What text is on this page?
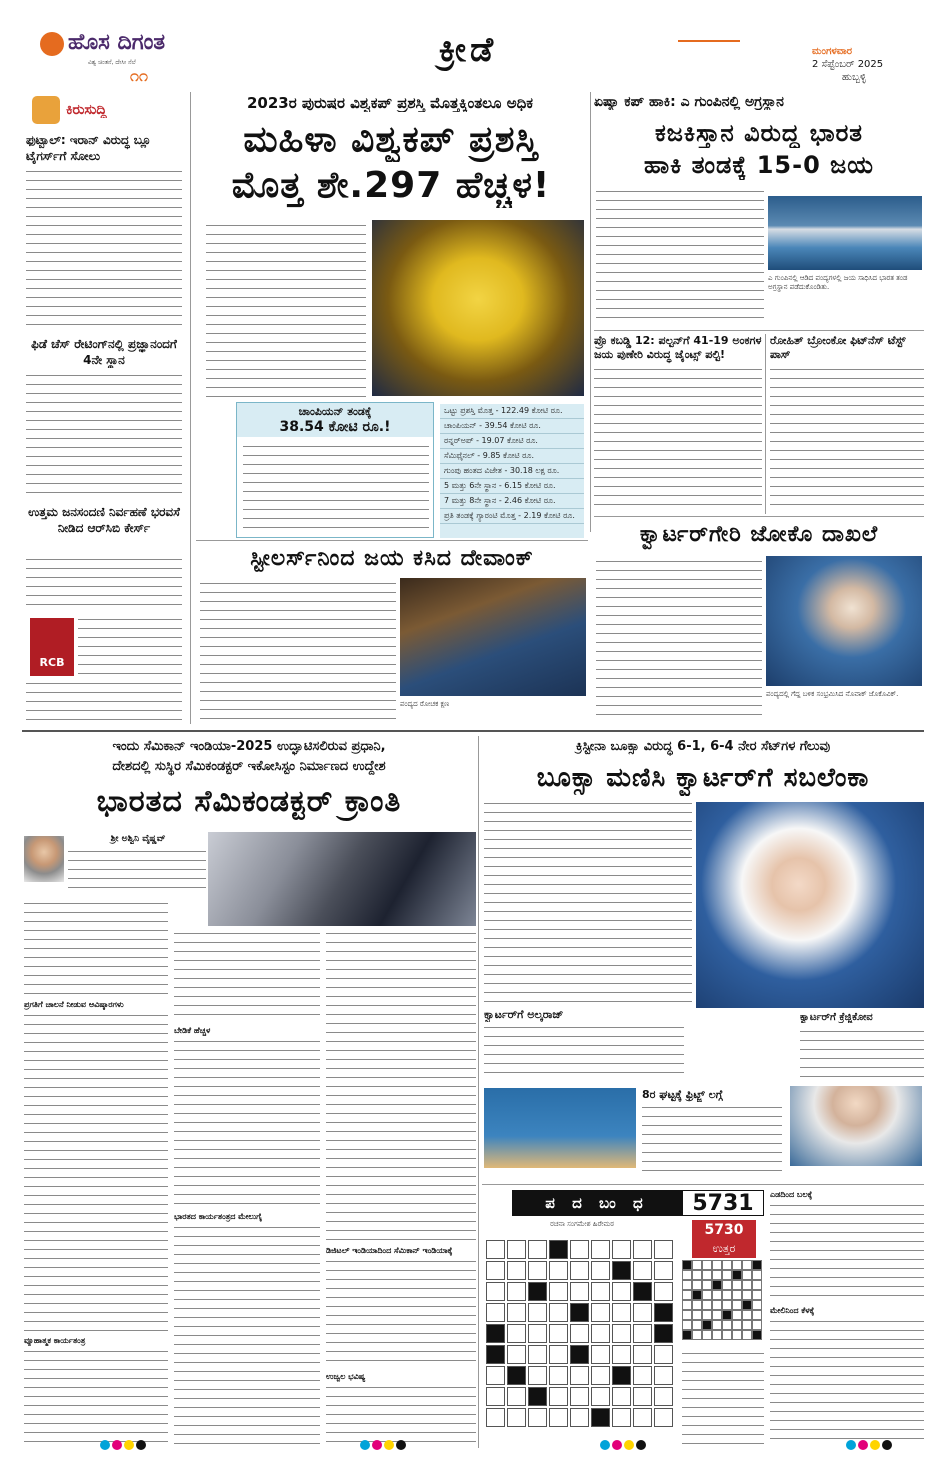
ಹೊಸ ದಿಗಂತ
ವಿಶ್ವ ಚಿಂತನೆ, ದೇಸೀ ನೆಲೆ
೧೧
ಕ್ರೀಡೆ	ಮಂಗಳವಾರ
2 ಸೆಪ್ಟೆಂಬರ್ 2025
ಹುಬ್ಬಳ್ಳಿ
ಕಿರುಸುದ್ದಿ
ಫುಟ್ಬಾಲ್: ಇರಾನ್ ವಿರುದ್ಧ ಬ್ಲೂ ಟೈಗರ್ಸ್‌ಗೆ ಸೋಲು
ಫಿಡೆ ಚೆಸ್ ರೇಟಿಂಗ್‌ನಲ್ಲಿ ಪ್ರಜ್ಞಾನಂದಗೆ 4ನೇ ಸ್ಥಾನ
ಉತ್ತಮ ಜನಸಂದಣಿ ನಿರ್ವಹಣೆ ಭರವಸೆ ನೀಡಿದ ಆರ್‌ಸಿಬಿ ಕೇರ್ಸ್
RCB
2023ರ ಪುರುಷರ ವಿಶ್ವಕಪ್ ಪ್ರಶಸ್ತಿ ಮೊತ್ತಕ್ಕಿಂತಲೂ ಅಧಿಕ
ಮಹಿಳಾ ವಿಶ್ವಕಪ್ ಪ್ರಶಸ್ತಿ
ಮೊತ್ತ ಶೇ.297 ಹೆಚ್ಚಳ!
ಚಾಂಪಿಯನ್ ತಂಡಕ್ಕೆ
38.54 ಕೋಟಿ ರೂ.!
ಒಟ್ಟು ಪ್ರಶಸ್ತಿ ಮೊತ್ತ - 122.49 ಕೋಟಿ ರೂ.
ಚಾಂಪಿಯನ್ - 39.54 ಕೋಟಿ ರೂ.
ರನ್ನರ್‌ಅಪ್ - 19.07 ಕೋಟಿ ರೂ.
ಸೆಮಿಫೈನಲ್ - 9.85 ಕೋಟಿ ರೂ.
ಗುಂಪು ಹಂತದ ವಿಜೇತ - 30.18 ಲಕ್ಷ ರೂ.
5 ಮತ್ತು 6ನೇ ಸ್ಥಾನ - 6.15 ಕೋಟಿ ರೂ.
7 ಮತ್ತು 8ನೇ ಸ್ಥಾನ - 2.46 ಕೋಟಿ ರೂ.
ಪ್ರತಿ ತಂಡಕ್ಕೆ ಗ್ಯಾರಂಟಿ ಮೊತ್ತ - 2.19 ಕೋಟಿ ರೂ.
ಏಷ್ಯಾ ಕಪ್ ಹಾಕಿ: ಎ ಗುಂಪಿನಲ್ಲಿ ಅಗ್ರಸ್ಥಾನ
ಕಜಕಿಸ್ತಾನ ವಿರುದ್ಧ ಭಾರತ
ಹಾಕಿ ತಂಡಕ್ಕೆ 15-0 ಜಯ
ಎ ಗುಂಪಿನಲ್ಲಿ ಆಡಿದ ಪಂದ್ಯಗಳಲ್ಲಿ ಜಯ ಸಾಧಿಸಿದ ಭಾರತ ತಂಡ ಅಗ್ರಸ್ಥಾನ ಪಡೆದುಕೊಂಡಿತು.
ಪ್ರೊ ಕಬಡ್ಡಿ 12: ಪಲ್ಟನ್‌ಗೆ 41-19 ಅಂಕಗಳ ಜಯ ಪುಣೇರಿ ವಿರುದ್ಧ ಜೈಂಟ್ಸ್ ಪಲ್ಟಿ!
ರೋಹಿತ್ ಬ್ರೋಂಕೋ ಫಿಟ್‌ನೆಸ್ ಟೆಸ್ಟ್ ಪಾಸ್
ಕ್ವಾರ್ಟರ್‌ಗೇರಿ ಜೋಕೊ ದಾಖಲೆ
ಪಂದ್ಯದಲ್ಲಿ ಗೆದ್ದ ಬಳಿಕ ಸಂಭ್ರಮಿಸಿದ ನೊವಾಕ್ ಜೊಕೊವಿಕ್.
ಸ್ಟೀಲರ್ಸ್‌ನಿಂದ ಜಯ ಕಸಿದ ದೇವಾಂಕ್
ಪಂದ್ಯದ ರೋಚಕ ಕ್ಷಣ
ಇಂದು ಸೆಮಿಕಾನ್ ಇಂಡಿಯಾ-2025 ಉದ್ಘಾಟಿಸಲಿರುವ ಪ್ರಧಾನಿ,
ದೇಶದಲ್ಲಿ ಸುಸ್ಥಿರ ಸೆಮಿಕಂಡಕ್ಟರ್ ಇಕೋಸಿಸ್ಟಂ ನಿರ್ಮಾಣದ ಉದ್ದೇಶ
ಭಾರತದ ಸೆಮಿಕಂಡಕ್ಟರ್ ಕ್ರಾಂತಿ
ಶ್ರೀ ಅಶ್ವಿನಿ ವೈಷ್ಣವ್
ಪ್ರಗತಿಗೆ ಚಾಲನೆ ನೀಡುವ ಆವಿಷ್ಕಾರಗಳು
ವ್ಯೂಹಾತ್ಮಕ ಕಾರ್ಯತಂತ್ರ
ಬೇಡಿಕೆ ಹೆಚ್ಚಳ
ಭಾರತದ ಕಾರ್ಯತಂತ್ರದ ಮೇಲುಗೈ
ಡಿಜಿಟಲ್ ಇಂಡಿಯಾದಿಂದ ಸೆಮಿಕಾನ್ ಇಂಡಿಯಾಕ್ಕೆ
ಉಜ್ವಲ ಭವಿಷ್ಯ
ಕ್ರಿಸ್ಟೀನಾ ಬೂಕ್ಸಾ ವಿರುದ್ಧ 6-1, 6-4 ನೇರ ಸೆಟ್‌ಗಳ ಗೆಲುವು
ಬೂಕ್ಸಾ ಮಣಿಸಿ ಕ್ವಾರ್ಟರ್‌ಗೆ ಸಬಲೆಂಕಾ
ಕ್ವಾರ್ಟರ್‌ಗೆ ಅಲ್ಕರಾಜ್	ಕ್ವಾರ್ಟರ್‌ಗೆ ಕ್ರೆಜ್ಜಿಕೋವ
8ರ ಘಟ್ಟಕ್ಕೆ ಫ್ರಿಟ್ಜ್ ಲಗ್ಗೆ
ಪ ದ ಬಂ ಧ
ರಚನಾ ಸಂಗಮೇಶ ಹಿರೇಮಠ
5731
5730
ಉತ್ತರ
ಎಡದಿಂದ ಬಲಕ್ಕೆ
ಮೇಲಿನಿಂದ ಕೆಳಕ್ಕೆ
